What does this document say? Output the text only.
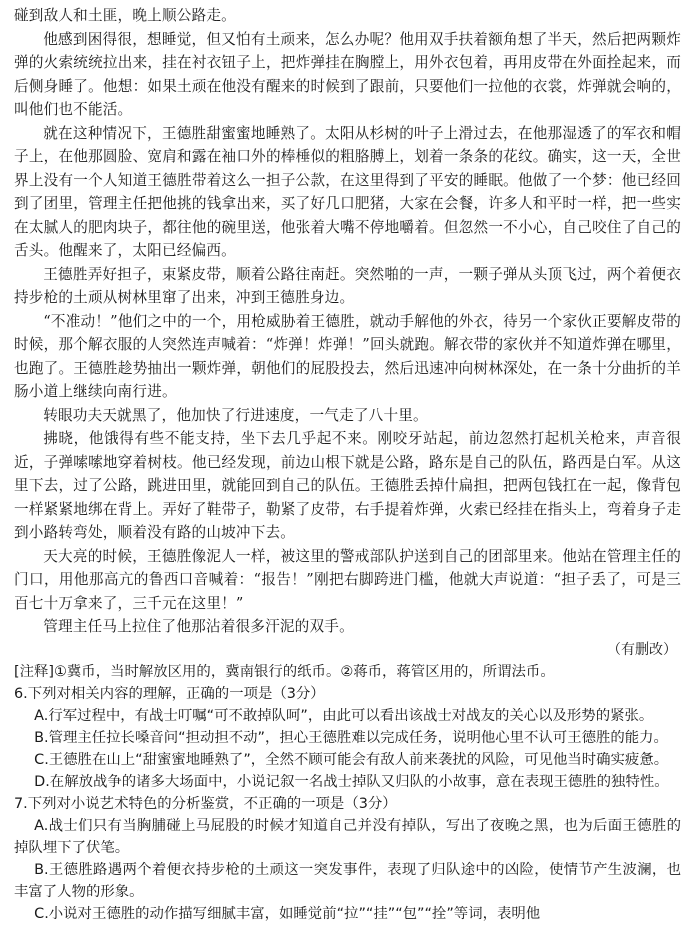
碰到敌人和土匪，晚上顺公路走。

他感到困得很，想睡觉，但又怕有土顽来，怎么办呢？他用双手扶着额角想了半天，然后把两颗炸弹的火索统统拉出来，挂在衬衣钮子上，把炸弹挂在胸膛上，用外衣包着，再用皮带在外面拴起来，而后侧身睡了。他想：如果土顽在他没有醒来的时候到了跟前，只要他们一拉他的衣裳，炸弹就会响的，叫他们也不能活。

就在这种情况下，王德胜甜蜜蜜地睡熟了。太阳从杉树的叶子上滑过去，在他那湿透了的军衣和帽子上，在他那圆脸、宽肩和露在袖口外的棒棰似的粗胳膊上，划着一条条的花纹。确实，这一天，全世界上没有一个人知道王德胜带着这么一担子公款，在这里得到了平安的睡眠。他做了一个梦：他已经回到了团里，管理主任把他挑的钱拿出来，买了好几口肥猪，大家在会餐，许多人和平时一样，把一些实在太腻人的肥肉块子，都往他的碗里送，他张着大嘴不停地嚼着。但忽然一不小心，自己咬住了自己的舌头。他醒来了，太阳已经偏西。

王德胜弄好担子，束紧皮带，顺着公路往南赶。突然啪的一声，一颗子弹从头顶飞过，两个着便衣持步枪的土顽从树林里窜了出来，冲到王德胜身边。

“不准动！”他们之中的一个，用枪威胁着王德胜，就动手解他的外衣，待另一个家伙正要解皮带的时候，那个解衣服的人突然连声喊着：“炸弹！炸弹！”回头就跑。解衣带的家伙并不知道炸弹在哪里，也跑了。王德胜趁势抽出一颗炸弹，朝他们的屁股投去，然后迅速冲向树林深处，在一条十分曲折的羊肠小道上继续向南行进。

转眼功夫天就黑了，他加快了行进速度，一气走了八十里。

拂晓，他饿得有些不能支持，坐下去几乎起不来。刚咬牙站起，前边忽然打起机关枪来，声音很近，子弹嗦嗦地穿着树枝。他已经发现，前边山根下就是公路，路东是自己的队伍，路西是白军。从这里下去，过了公路，跳进田里，就能回到自己的队伍。王德胜丢掉什扁担，把两包钱扛在一起，像背包一样紧紧地绑在背上。弄好了鞋带子，勒紧了皮带，右手提着炸弹，火索已经挂在指头上，弯着身子走到小路转弯处，顺着没有路的山坡冲下去。

天大亮的时候，王德胜像泥人一样，被这里的警戒部队护送到自己的团部里来。他站在管理主任的门口，用他那高亢的鲁西口音喊着：“报告！”刚把右脚跨进门槛，他就大声说道：“担子丢了，可是三百七十万拿来了，三千元在这里！”

管理主任马上拉住了他那沾着很多汗泥的双手。

（有删改）

[注释]①冀币，当时解放区用的，冀南银行的纸币。②蒋币，蒋管区用的，所谓法币。

6.下列对相关内容的理解，正确的一项是（3分）

A.行军过程中，有战士叮嘱“可不敢掉队呵”，由此可以看出该战士对战友的关心以及形势的紧张。

B.管理主任拉长嗓音问“担动担不动”，担心王德胜难以完成任务，说明他心里不认可王德胜的能力。

C.王德胜在山上“甜蜜蜜地睡熟了”，全然不顾可能会有敌人前来袭扰的风险，可见他当时确实疲惫。

D.在解放战争的诸多大场面中，小说记叙一名战士掉队又归队的小故事，意在表现王德胜的独特性。

7.下列对小说艺术特色的分析鉴赏，不正确的一项是（3分）

A.战士们只有当胸脯碰上马屁股的时候才知道自己并没有掉队，写出了夜晚之黑，也为后面王德胜的掉队埋下了伏笔。

B.王德胜路遇两个着便衣持步枪的土顽这一突发事件，表现了归队途中的凶险，使情节产生波澜，也丰富了人物的形象。

C.小说对王德胜的动作描写细腻丰富，如睡觉前“拉”“挂”“包”“拴”等词，表明他
